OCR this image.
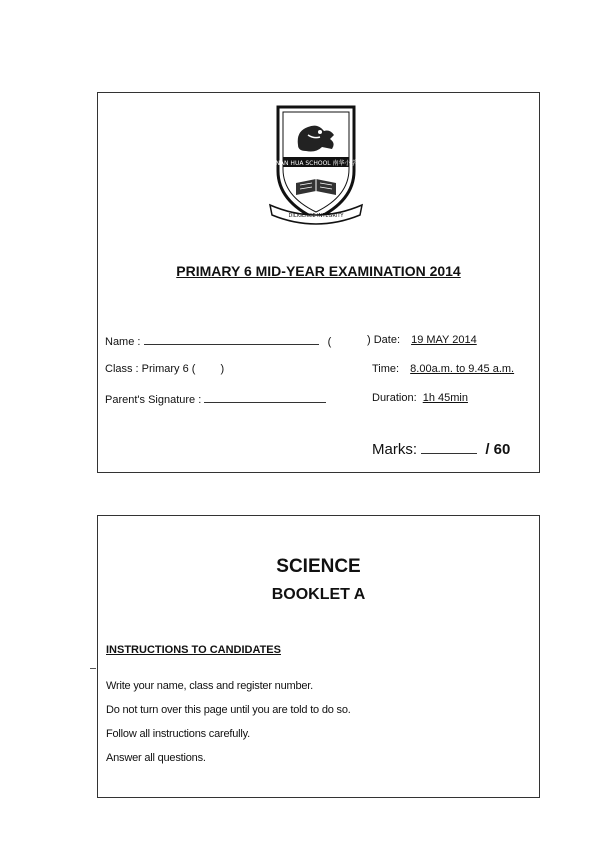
NAN HUA SCHOOL 南华小学
DILIGENCE INTEGRITY
PRIMARY 6 MID-YEAR EXAMINATION 2014
Name :	(	) Date: 19 MAY 2014
Class : Primary 6 ( )	Time: 8.00a.m. to 9.45 a.m.
Parent's Signature :	Duration: 1h 45min
Marks:	/ 60
SCIENCE
BOOKLET A
INSTRUCTIONS TO CANDIDATES
Write your name, class and register number.
Do not turn over this page until you are told to do so.
Follow all instructions carefully.
Answer all questions.
